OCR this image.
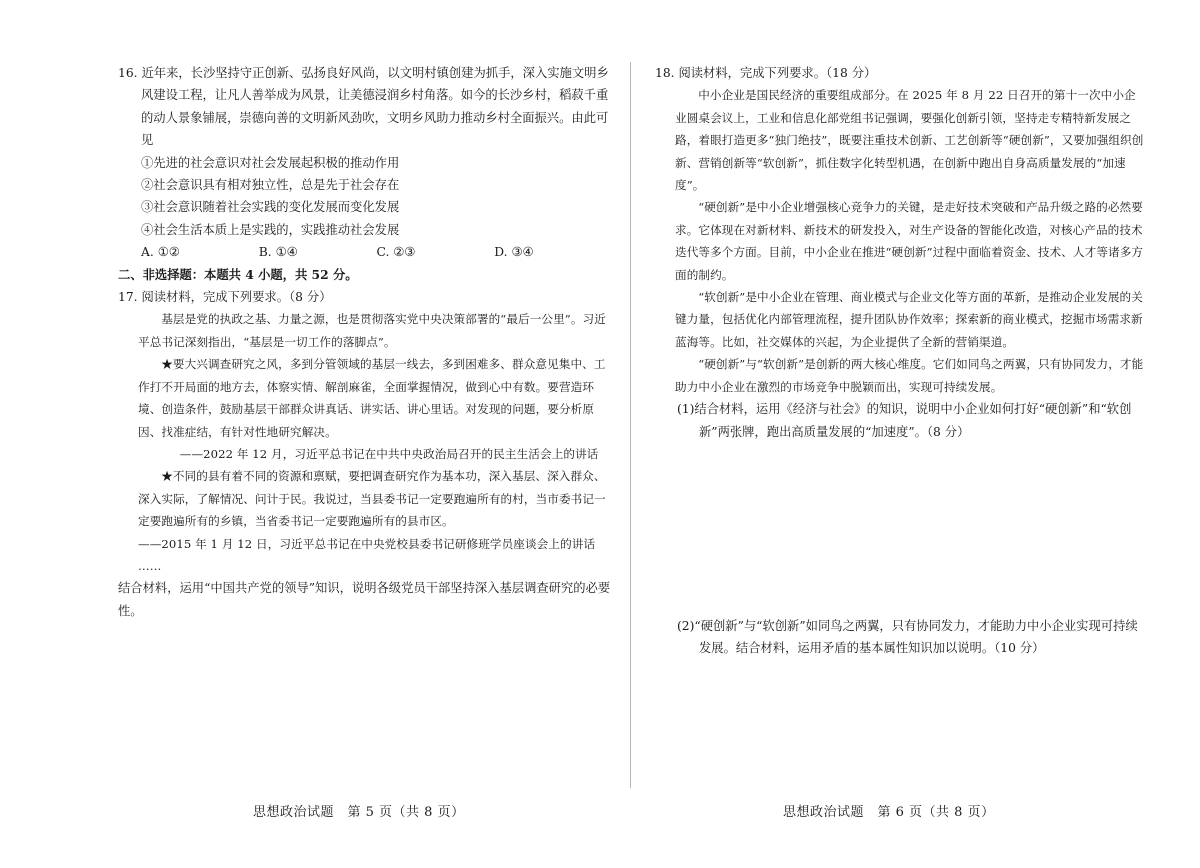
16. 近年来，长沙坚持守正创新、弘扬良好风尚，以文明村镇创建为抓手，深入实施文明乡风建设工程，让凡人善举成为风景，让美德浸润乡村角落。如今的长沙乡村，稻菽千重的动人景象铺展，崇德向善的文明新风劲吹，文明乡风助力推动乡村全面振兴。由此可见

①先进的社会意识对社会发展起积极的推动作用

②社会意识具有相对独立性，总是先于社会存在

③社会意识随着社会实践的变化发展而变化发展

④社会生活本质上是实践的，实践推动社会发展

A. ①②	B. ①④	C. ②③	D. ③④

二、非选择题：本题共 4 小题，共 52 分。

17. 阅读材料，完成下列要求。（8 分）

基层是党的执政之基、力量之源，也是贯彻落实党中央决策部署的“最后一公里”。习近平总书记深刻指出，“基层是一切工作的落脚点”。

★要大兴调查研究之风，多到分管领域的基层一线去，多到困难多、群众意见集中、工作打不开局面的地方去，体察实情、解剖麻雀，全面掌握情况，做到心中有数。要营造环境、创造条件，鼓励基层干部群众讲真话、讲实话、讲心里话。对发现的问题，要分析原因、找准症结，有针对性地研究解决。

——2022 年 12 月，习近平总书记在中共中央政治局召开的民主生活会上的讲话

★不同的县有着不同的资源和禀赋，要把调查研究作为基本功，深入基层、深入群众、深入实际，了解情况、问计于民。我说过，当县委书记一定要跑遍所有的村，当市委书记一定要跑遍所有的乡镇，当省委书记一定要跑遍所有的县市区。

——2015 年 1 月 12 日，习近平总书记在中央党校县委书记研修班学员座谈会上的讲话

……

结合材料，运用“中国共产党的领导”知识，说明各级党员干部坚持深入基层调查研究的必要性。

18. 阅读材料，完成下列要求。（18 分）

中小企业是国民经济的重要组成部分。在 2025 年 8 月 22 日召开的第十一次中小企业圆桌会议上，工业和信息化部党组书记强调，要强化创新引领，坚持走专精特新发展之路，着眼打造更多“独门绝技”，既要注重技术创新、工艺创新等“硬创新”，又要加强组织创新、营销创新等“软创新”，抓住数字化转型机遇，在创新中跑出自身高质量发展的“加速度”。

“硬创新”是中小企业增强核心竞争力的关键，是走好技术突破和产品升级之路的必然要求。它体现在对新材料、新技术的研发投入，对生产设备的智能化改造，对核心产品的技术迭代等多个方面。目前，中小企业在推进“硬创新”过程中面临着资金、技术、人才等诸多方面的制约。

“软创新”是中小企业在管理、商业模式与企业文化等方面的革新，是推动企业发展的关键力量，包括优化内部管理流程，提升团队协作效率；探索新的商业模式，挖掘市场需求新蓝海等。比如，社交媒体的兴起，为企业提供了全新的营销渠道。

“硬创新”与“软创新”是创新的两大核心维度。它们如同鸟之两翼，只有协同发力，才能助力中小企业在激烈的市场竞争中脱颖而出，实现可持续发展。

(1)结合材料，运用《经济与社会》的知识，说明中小企业如何打好“硬创新”和“软创新”两张牌，跑出高质量发展的“加速度”。（8 分）

(2)“硬创新”与“软创新”如同鸟之两翼，只有协同发力，才能助力中小企业实现可持续发展。结合材料，运用矛盾的基本属性知识加以说明。（10 分）

思想政治试题　第 5 页（共 8 页）	思想政治试题　第 6 页（共 8 页）
